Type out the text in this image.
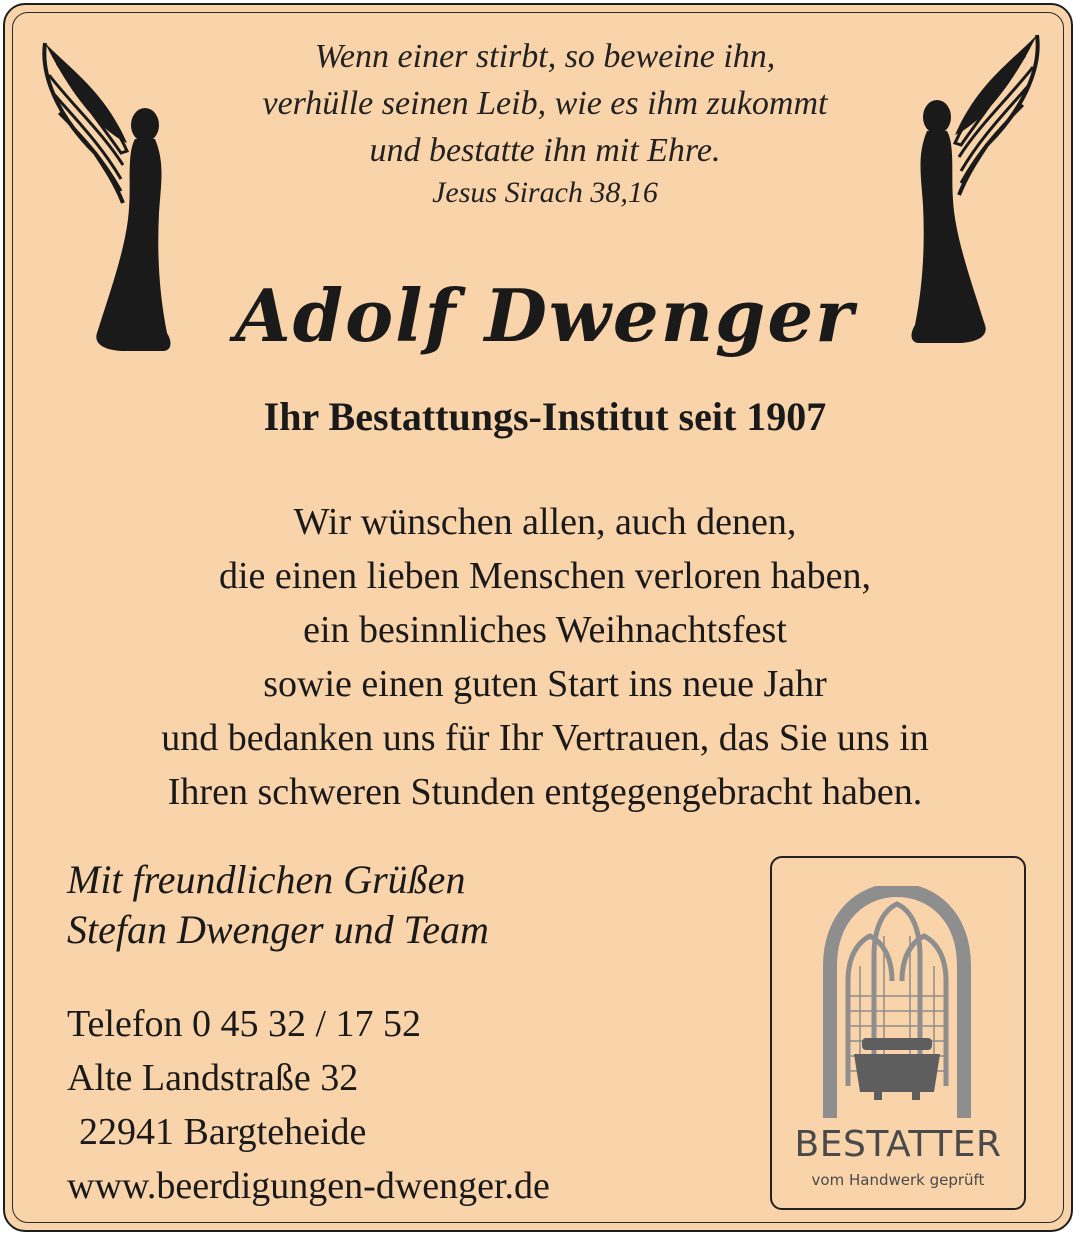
Wenn einer stirbt, so beweine ihn,
verhülle seinen Leib, wie es ihm zukommt
und bestatte ihn mit Ehre.
Jesus Sirach 38,16
Adolf Dwenger
Ihr Bestattungs-Institut seit 1907
Wir wünschen allen, auch denen,
die einen lieben Menschen verloren haben,
ein besinnliches Weihnachtsfest
sowie einen guten Start ins neue Jahr
und bedanken uns für Ihr Vertrauen, das Sie uns in
Ihren schweren Stunden entgegengebracht haben.
Mit freundlichen Grüßen
Stefan Dwenger und Team
Telefon 0 45 32 / 17 52
Alte Landstraße 32
22941 Bargteheide
www.beerdigungen-dwenger.de
BESTATTER
vom Handwerk geprüft
